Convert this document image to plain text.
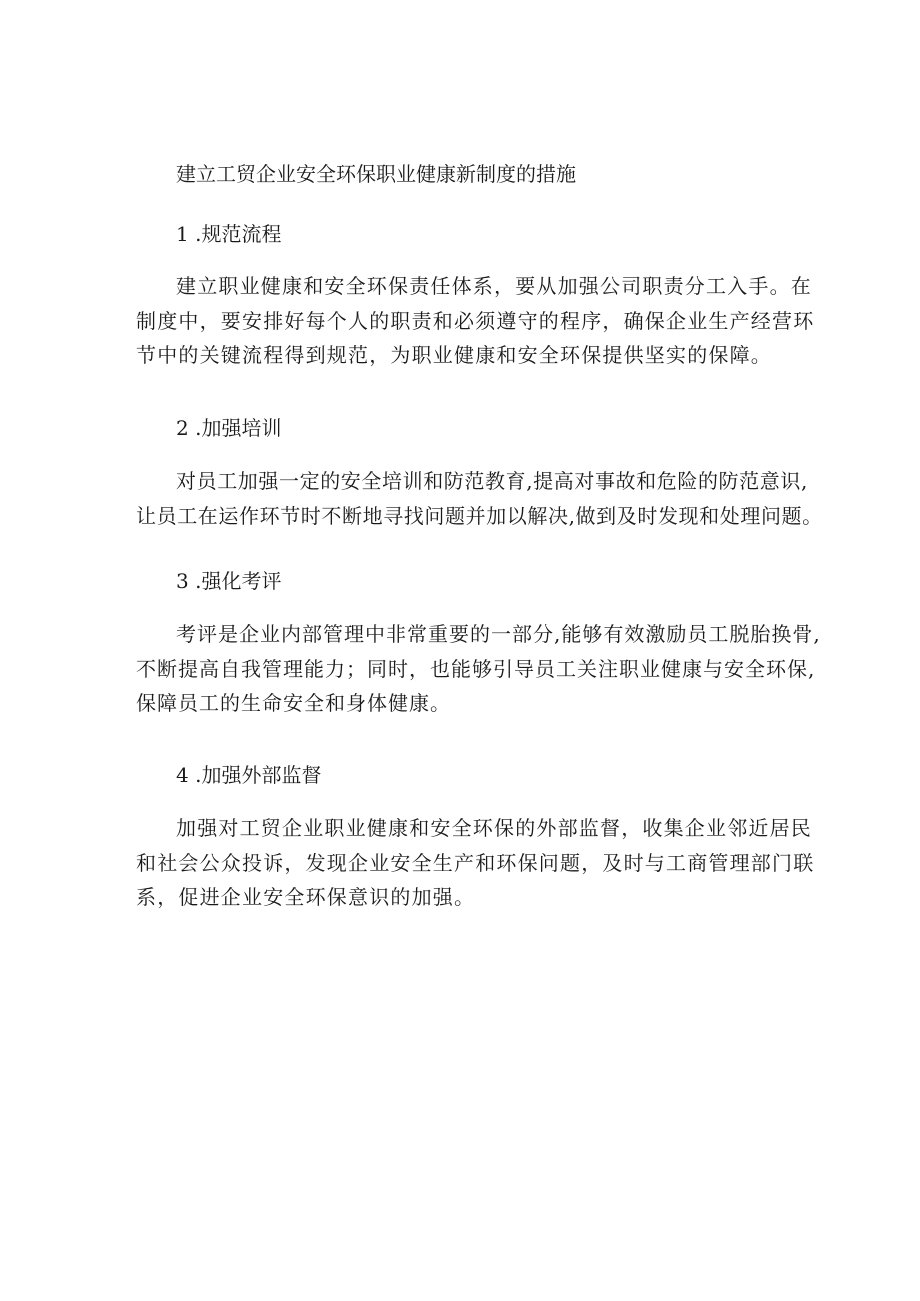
建立工贸企业安全环保职业健康新制度的措施
1 .规范流程
建立职业健康和安全环保责任体系，要从加强公司职责分工入手。在
制度中，要安排好每个人的职责和必须遵守的程序，确保企业生产经营环
节中的关键流程得到规范，为职业健康和安全环保提供坚实的保障。
2 .加强培训
对员工加强一定的安全培训和防范教育,提高对事故和危险的防范意识,
让员工在运作环节时不断地寻找问题并加以解决,做到及时发现和处理问题。
3 .强化考评
考评是企业内部管理中非常重要的一部分,能够有效激励员工脱胎换骨,
不断提高自我管理能力；同时，也能够引导员工关注职业健康与安全环保,
保障员工的生命安全和身体健康。
4 .加强外部监督
加强对工贸企业职业健康和安全环保的外部监督，收集企业邻近居民
和社会公众投诉，发现企业安全生产和环保问题，及时与工商管理部门联
系，促进企业安全环保意识的加强。
